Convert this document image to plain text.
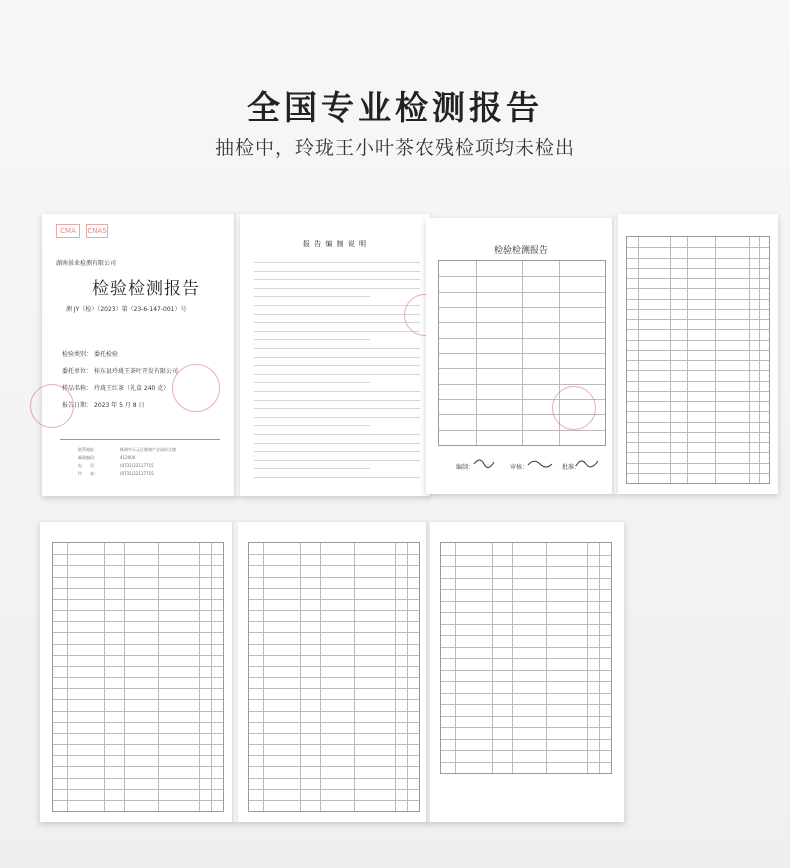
全国专业检测报告
抽检中，玲珑王小叶茶农残检项均未检出
CMA	CNAS
湖南景业检测有限公司
检验检测报告
测 JY（检）（2023）第（23-6-147-001）号
检验类别： 委托检验
委托单位： 桂东县玲珑王茶叶开发有限公司
样品名称： 玲珑王红茶（礼盒 240 克）
报告日期： 2023 年 5 月 8 日
联系地址：	株洲市天元区健康产业园综合楼
邮政编码：	412000
电　　话：	(0731)22117715
传　　真：	(0731)22117715
报 告 编 制 说 明
检验检测报告
编制：	审核：	批准：
